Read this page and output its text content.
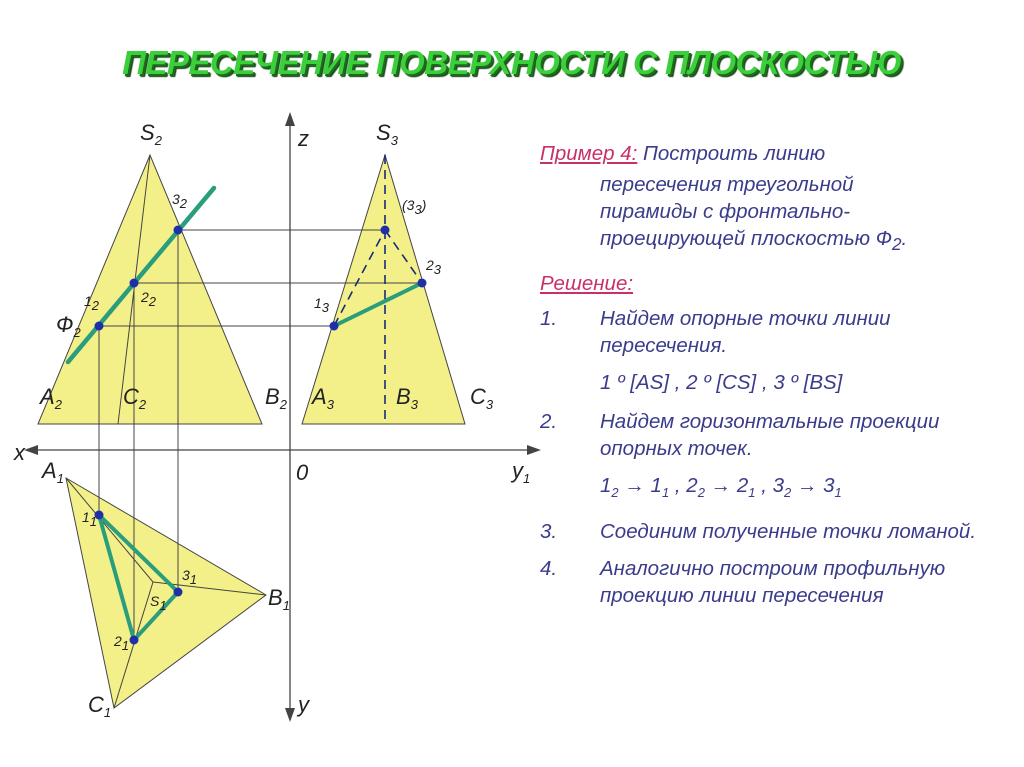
ПЕРЕСЕЧЕНИЕ ПОВЕРХНОСТИ С ПЛОСКОСТЬЮ
x
z
$y_1$
y
0
$S_2$
$A_2$	$C_2$	$B_2$
$Ф_2$
12
22
32
$S_3$
$A_3$	$B_3$ $C_3$
13
23
(33)
$A_1$
$B_1$
$C_1$
S1
11
21
31

Пример 4: Построить линию

пересечения треугольной

пирамиды с фронтально-

проецирующей плоскостью $Ф_2$.

Решение:
1.	Найдем опорные точки линии пересечения.
1 º [AS] , 2 º [CS] , 3 º [BS]
2.	Найдем горизонтальные проекции опорных точек.
$1_2 \to 1_1$ , $2_2 \to 2_1$ , $3_2 \to 3_1$
3.	Соединим полученные точки ломаной.
4.	Аналогично построим профильную проекцию линии пересечения
